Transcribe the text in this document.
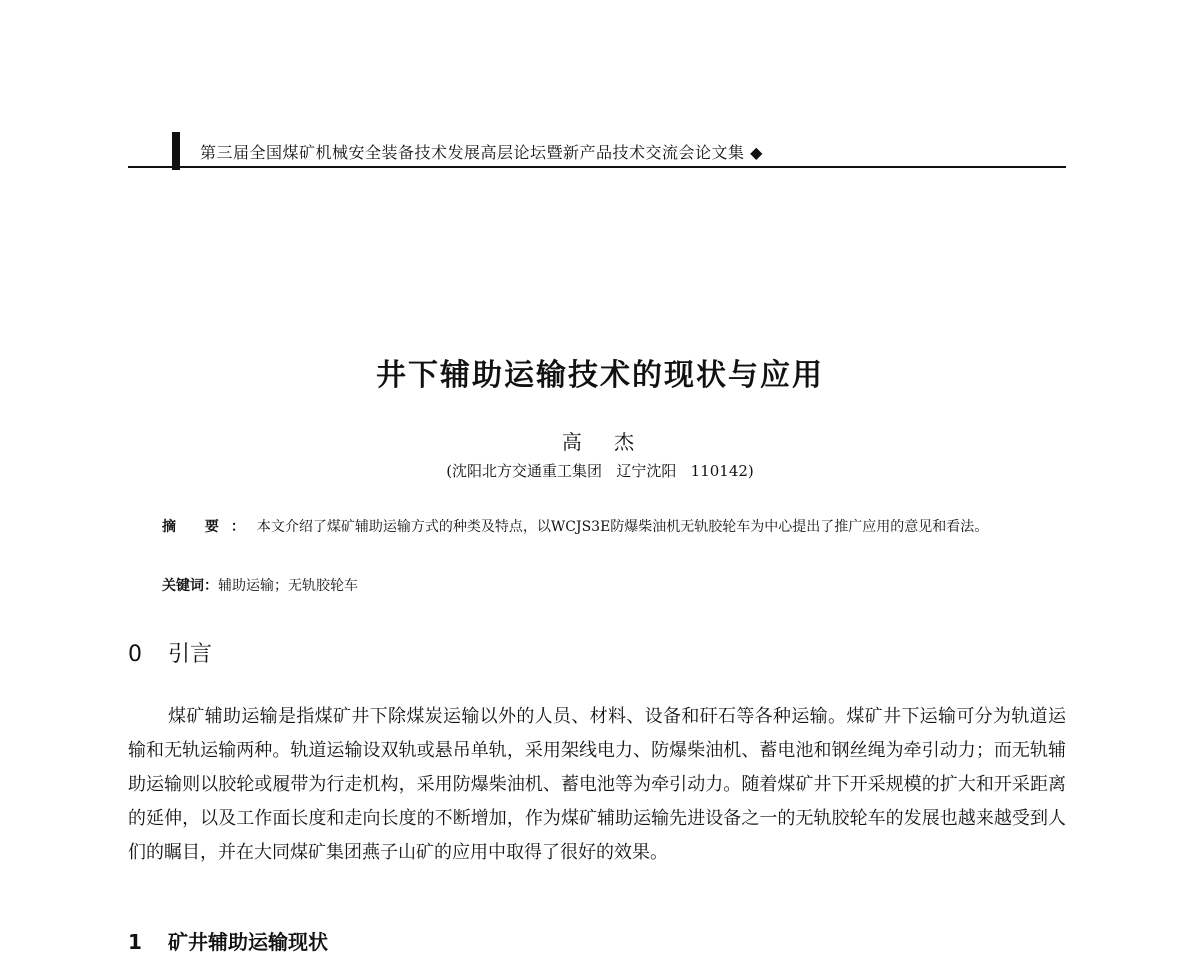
第三届全国煤矿机械安全装备技术发展高层论坛暨新产品技术交流会论文集 ◆
井下辅助运输技术的现状与应用
高 杰
(沈阳北方交通重工集团   辽宁沈阳   110142)
摘 要：本文介绍了煤矿辅助运输方式的种类及特点，以WCJS3E防爆柴油机无轨胶轮车为中心提出了推广应用的意见和看法。
关键词：辅助运输；无轨胶轮车
0 引言
煤矿辅助运输是指煤矿井下除煤炭运输以外的人员、材料、设备和矸石等各种运输。煤矿井下运输可分为轨道运输和无轨运输两种。轨道运输设双轨或悬吊单轨，采用架线电力、防爆柴油机、蓄电池和钢丝绳为牵引动力；而无轨辅助运输则以胶轮或履带为行走机构，采用防爆柴油机、蓄电池等为牵引动力。随着煤矿井下开采规模的扩大和开采距离的延伸，以及工作面长度和走向长度的不断增加，作为煤矿辅助运输先进设备之一的无轨胶轮车的发展也越来越受到人们的瞩目，并在大同煤矿集团燕子山矿的应用中取得了很好的效果。
1 矿井辅助运输现状
